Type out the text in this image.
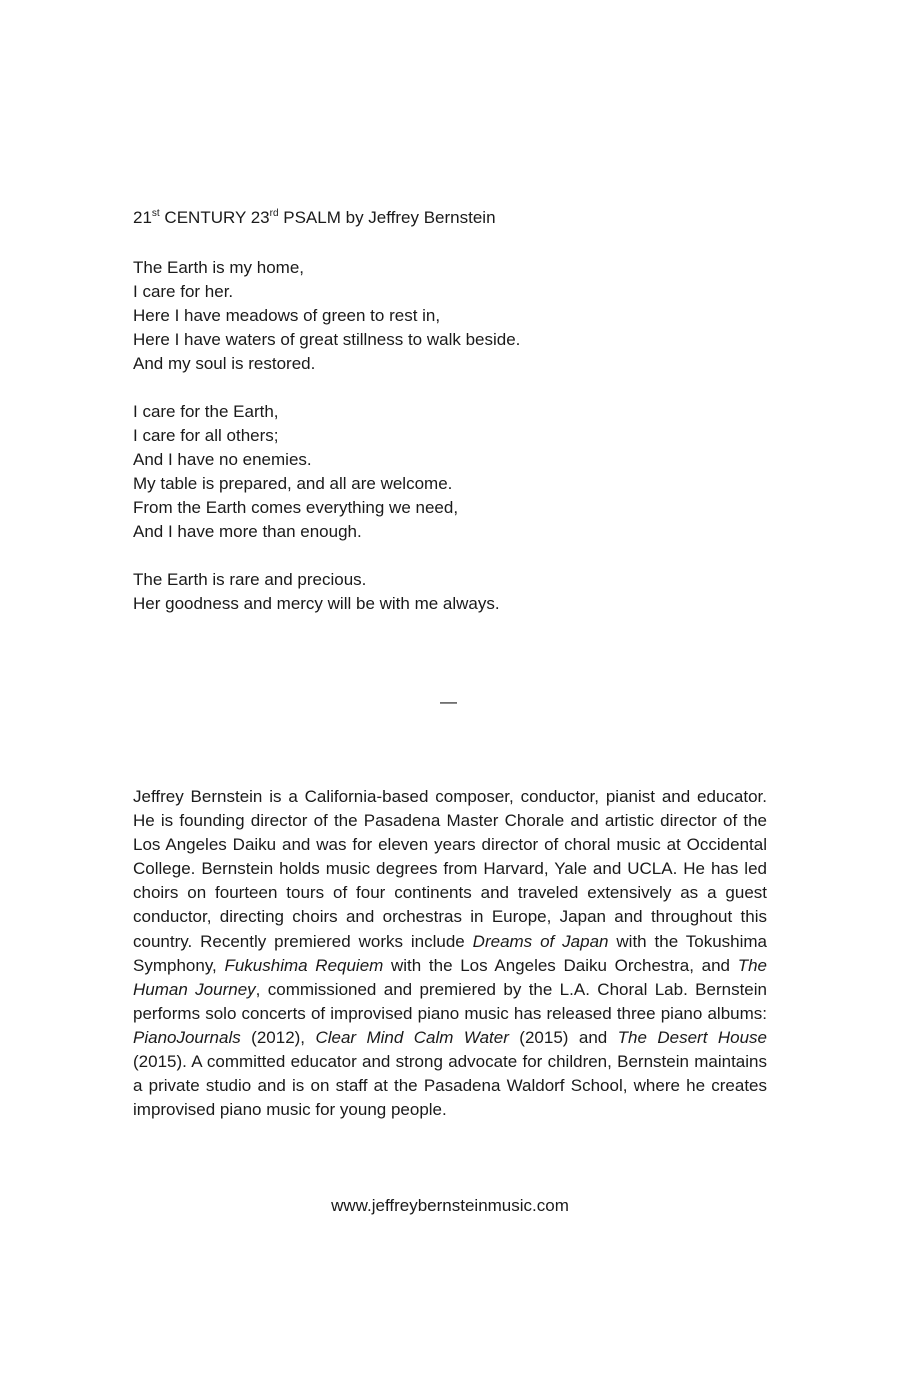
21st CENTURY 23rd PSALM by Jeffrey Bernstein
The Earth is my home,
I care for her.
Here I have meadows of green to rest in,
Here I have waters of great stillness to walk beside.
And my soul is restored.
I care for the Earth,
I care for all others;
And I have no enemies.
My table is prepared, and all are welcome.
From the Earth comes everything we need,
And I have more than enough.
The Earth is rare and precious.
Her goodness and mercy will be with me always.
—
Jeffrey Bernstein is a California-based composer, conductor, pianist and educator. He is founding director of the Pasadena Master Chorale and artistic director of the Los Angeles Daiku and was for eleven years director of choral music at Occidental College. Bernstein holds music degrees from Harvard, Yale and UCLA. He has led choirs on fourteen tours of four continents and traveled extensively as a guest conductor, directing choirs and orchestras in Europe, Japan and throughout this country. Recently premiered works include Dreams of Japan with the Tokushima Symphony, Fukushima Requiem with the Los Angeles Daiku Orchestra, and The Human Journey, commissioned and premiered by the L.A. Choral Lab. Bernstein performs solo concerts of improvised piano music has released three piano albums: PianoJournals (2012), Clear Mind Calm Water (2015) and The Desert House (2015). A committed educator and strong advocate for children, Bernstein maintains a private studio and is on staff at the Pasadena Waldorf School, where he creates improvised piano music for young people.
www.jeffreybernsteinmusic.com
